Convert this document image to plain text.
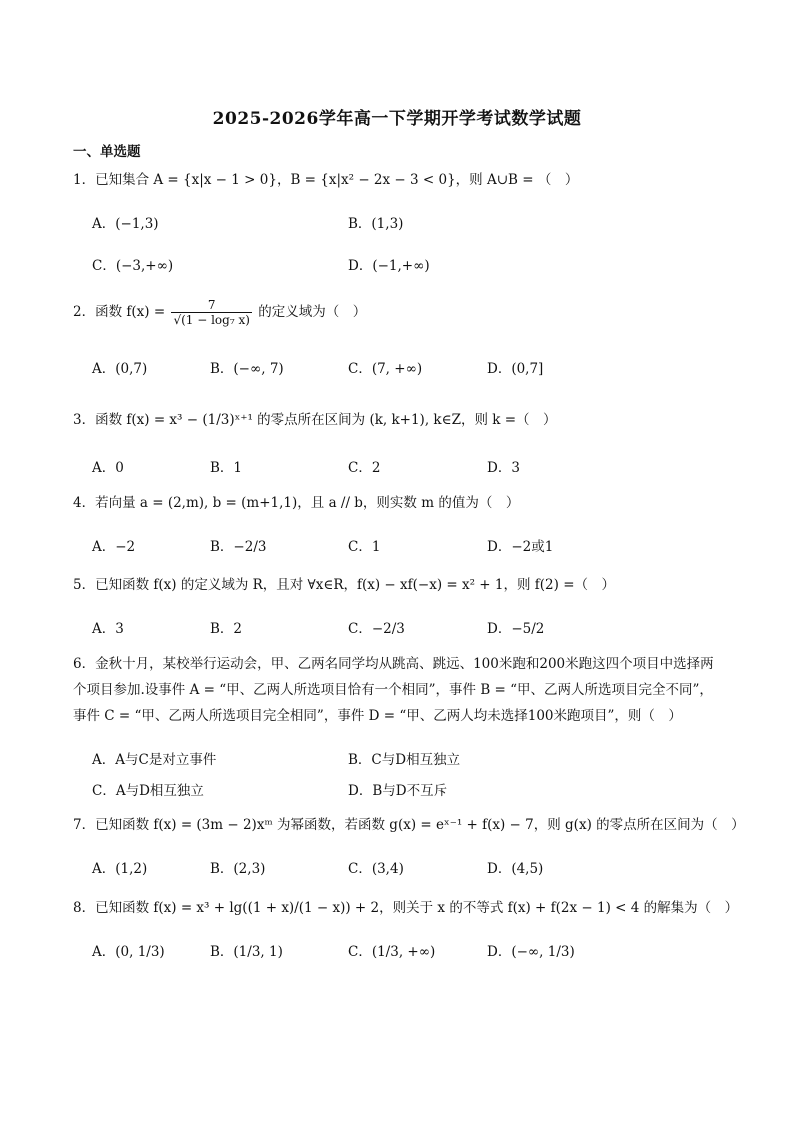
2025-2026学年高一下学期开学考试数学试题
一、单选题
1．已知集合 A = {x|x − 1 > 0}，B = {x|x² − 2x − 3 < 0}，则 A∪B = （　）
A．(−1,3)	B．(1,3)
C．(−3,+∞)	D．(−1,+∞)
2．函数 $f(x) = \frac{7}{\text{√(1 − log₇ x)}}$ 的定义域为（　）
A．(0,7)	B．(−∞, 7)	C．(7, +∞)	D．(0,7]
3．函数 f(x) = x³ − (1/3)ˣ⁺¹ 的零点所在区间为 (k, k+1), k∈Z，则 k =（　）
A．0	B．1	C．2	D．3
4．若向量 a = (2,m), b = (m+1,1)，且 a // b，则实数 m 的值为（　）
A．−2	B．−2/3	C．1	D．−2或1
5．已知函数 f(x) 的定义域为 R，且对 ∀x∈R，f(x) − xf(−x) = x² + 1，则 f(2) =（　）
A．3	B．2	C．−2/3	D．−5/2
6．金秋十月，某校举行运动会，甲、乙两名同学均从跳高、跳远、100米跑和200米跑这四个项目中选择两个项目参加.设事件 A = “甲、乙两人所选项目恰有一个相同”，事件 B = “甲、乙两人所选项目完全不同”，事件 C = “甲、乙两人所选项目完全相同”，事件 D = “甲、乙两人均未选择100米跑项目”，则（　）
A．A与C是对立事件	B．C与D相互独立
C．A与D相互独立	D．B与D不互斥
7．已知函数 f(x) = (3m − 2)xᵐ 为幂函数，若函数 g(x) = eˣ⁻¹ + f(x) − 7，则 g(x) 的零点所在区间为（　）
A．(1,2)	B．(2,3)	C．(3,4)	D．(4,5)
8．已知函数 f(x) = x³ + lg((1 + x)/(1 − x)) + 2，则关于 x 的不等式 f(x) + f(2x − 1) < 4 的解集为（　）
A．(0, 1/3)	B．(1/3, 1)	C．(1/3, +∞)	D．(−∞, 1/3)
